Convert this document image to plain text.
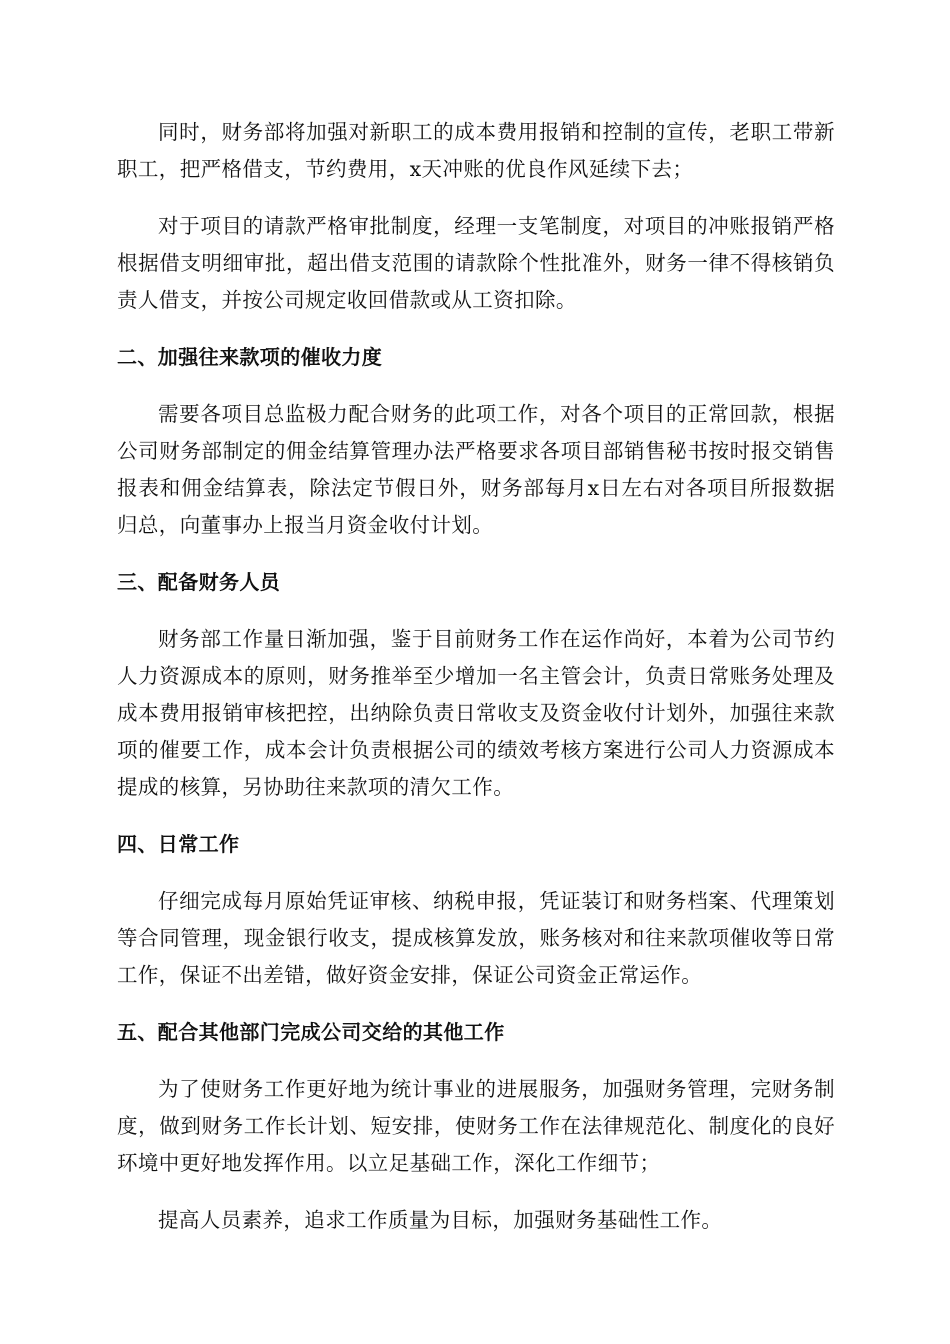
同时，财务部将加强对新职工的成本费用报销和控制的宣传，老职工带新职工，把严格借支，节约费用，x天冲账的优良作风延续下去；

对于项目的请款严格审批制度，经理一支笔制度，对项目的冲账报销严格根据借支明细审批，超出借支范围的请款除个性批准外，财务一律不得核销负责人借支，并按公司规定收回借款或从工资扣除。

二、加强往来款项的催收力度

需要各项目总监极力配合财务的此项工作，对各个项目的正常回款，根据公司财务部制定的佣金结算管理办法严格要求各项目部销售秘书按时报交销售报表和佣金结算表，除法定节假日外，财务部每月x日左右对各项目所报数据归总，向董事办上报当月资金收付计划。

三、配备财务人员

财务部工作量日渐加强，鉴于目前财务工作在运作尚好，本着为公司节约人力资源成本的原则，财务推举至少增加一名主管会计，负责日常账务处理及成本费用报销审核把控，出纳除负责日常收支及资金收付计划外，加强往来款项的催要工作，成本会计负责根据公司的绩效考核方案进行公司人力资源成本提成的核算，另协助往来款项的清欠工作。

四、日常工作

仔细完成每月原始凭证审核、纳税申报，凭证装订和财务档案、代理策划等合同管理，现金银行收支，提成核算发放，账务核对和往来款项催收等日常工作，保证不出差错，做好资金安排，保证公司资金正常运作。

五、配合其他部门完成公司交给的其他工作

为了使财务工作更好地为统计事业的进展服务，加强财务管理，完财务制度，做到财务工作长计划、短安排，使财务工作在法律规范化、制度化的良好环境中更好地发挥作用。以立足基础工作，深化工作细节；

提高人员素养，追求工作质量为目标，加强财务基础性工作。
